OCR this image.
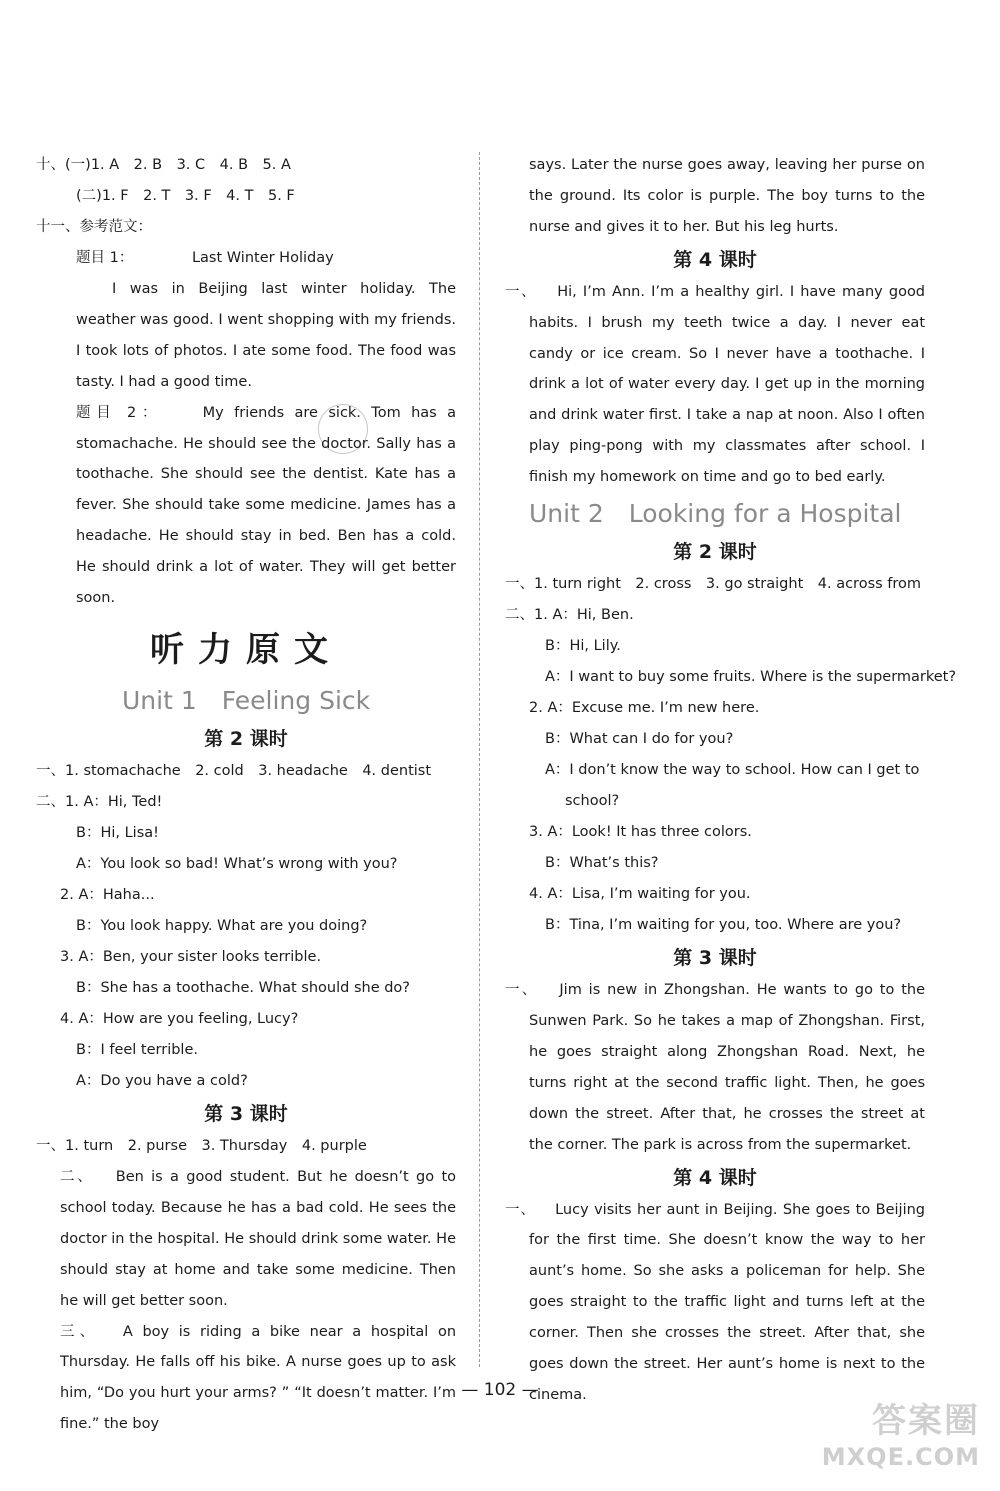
十、(一)1. A　2. B　3. C　4. B　5. A
(二)1. F　2. T　3. F　4. T　5. F
十一、参考范文：
题目 1：	Last Winter Holiday
I was in Beijing last winter holiday. The weather was good. I went shopping with my friends. I took lots of photos. I ate some food. The food was tasty. I had a good time.
题目 2：	My friends are sick. Tom has a stomachache. He should see the doctor. Sally has a toothache. She should see the dentist. Kate has a fever. She should take some medicine. James has a headache. He should stay in bed. Ben has a cold. He should drink a lot of water. They will get better soon.
听力原文
Unit 1　Feeling Sick
第 2 课时
一、1. stomachache　2. cold　3. headache　4. dentist
二、1. A：Hi, Ted!
B：Hi, Lisa!
A：You look so bad! What’s wrong with you?
2. A：Haha...
B：You look happy. What are you doing?
3. A：Ben, your sister looks terrible.
B：She has a toothache. What should she do?
4. A：How are you feeling, Lucy?
B：I feel terrible.
A：Do you have a cold?
第 3 课时
一、1. turn　2. purse　3. Thursday　4. purple
二、 Ben is a good student. But he doesn’t go to school today. Because he has a bad cold. He sees the doctor in the hospital. He should drink some water. He should stay at home and take some medicine. Then he will get better soon.
三、 A boy is riding a bike near a hospital on Thursday. He falls off his bike. A nurse goes up to ask him, “Do you hurt your arms? ” “It doesn’t matter. I’m fine.” the boy
says. Later the nurse goes away, leaving her purse on the ground. Its color is purple. The boy turns to the nurse and gives it to her. But his leg hurts.
第 4 课时
一、 Hi, I’m Ann. I’m a healthy girl. I have many good habits. I brush my teeth twice a day. I never eat candy or ice cream. So I never have a toothache. I drink a lot of water every day. I get up in the morning and drink water first. I take a nap at noon. Also I often play ping-pong with my classmates after school. I finish my homework on time and go to bed early.
Unit 2　Looking for a Hospital
第 2 课时
一、1. turn right　2. cross　3. go straight　4. across from
二、1. A：Hi, Ben.
B：Hi, Lily.
A：I want to buy some fruits. Where is the supermarket?
2. A：Excuse me. I’m new here.
B：What can I do for you?
A：I don’t know the way to school. How can I get to
school?
3. A：Look! It has three colors.
B：What’s this?
4. A：Lisa, I’m waiting for you.
B：Tina, I’m waiting for you, too. Where are you?
第 3 课时
一、 Jim is new in Zhongshan. He wants to go to the Sunwen Park. So he takes a map of Zhongshan. First, he goes straight along Zhongshan Road. Next, he turns right at the second traffic light. Then, he goes down the street. After that, he crosses the street at the corner. The park is across from the supermarket.
第 4 课时
一、 Lucy visits her aunt in Beijing. She goes to Beijing for the first time. She doesn’t know the way to her aunt’s home. So she asks a policeman for help. She goes straight to the traffic light and turns left at the corner. Then she crosses the street. After that, she goes down the street. Her aunt’s home is next to the cinema.
— 102 —
答案圈
MXQE.COM
